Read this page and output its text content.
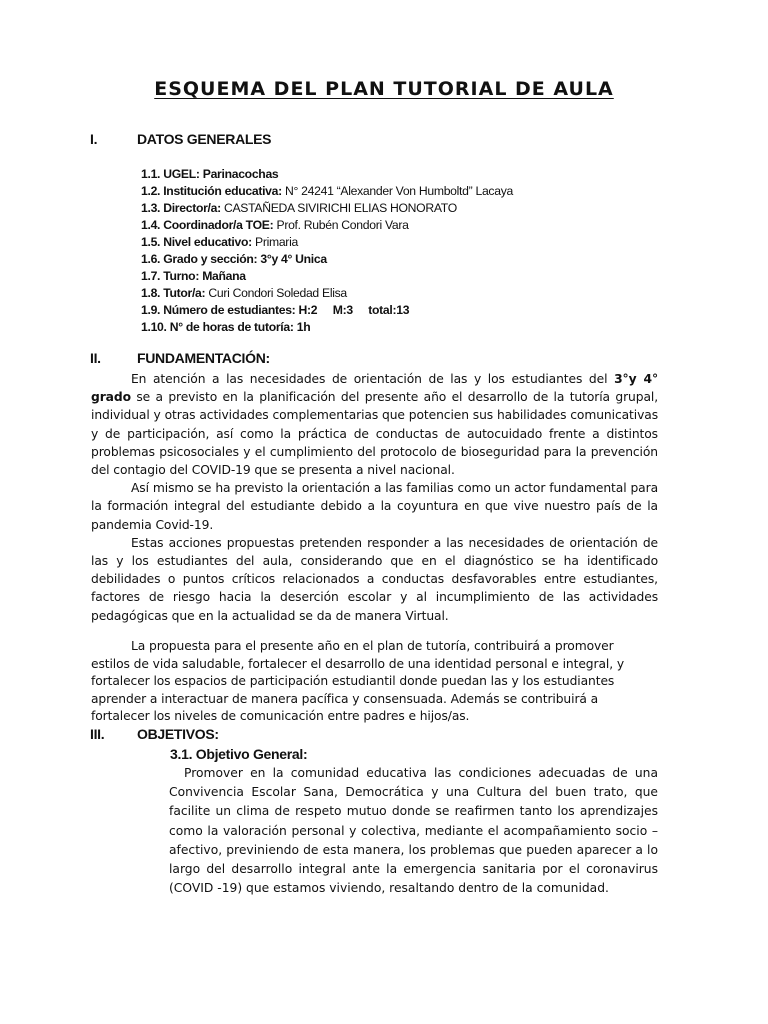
ESQUEMA DEL PLAN TUTORIAL DE AULA
I.	DATOS GENERALES
1.1. UGEL: Parinacochas
1.2. Institución educativa: N° 24241 “Alexander Von Humboltd” Lacaya
1.3. Director/a: CASTAÑEDA SIVIRICHI ELIAS HONORATO
1.4. Coordinador/a TOE: Prof. Rubén Condori Vara
1.5. Nivel educativo: Primaria
1.6. Grado y sección: 3°y 4° Unica
1.7. Turno: Mañana
1.8. Tutor/a: Curi Condori Soledad Elisa
1.9. Número de estudiantes: H:2     M:3     total:13
1.10. N° de horas de tutoría: 1h
II.	FUNDAMENTACIÓN:

En atención a las necesidades de orientación de las y los estudiantes del 3°y 4° grado se a previsto en la planificación del presente año el desarrollo de la tutoría grupal, individual y otras actividades complementarias que potencien sus habilidades comunicativas y de participación, así como la práctica de conductas de autocuidado frente a distintos problemas psicosociales y el cumplimiento del protocolo de bioseguridad para la prevención del contagio del COVID-19 que se presenta a nivel nacional.

Así mismo se ha previsto la orientación a las familias como un actor fundamental para la formación integral del estudiante debido a la coyuntura en que vive nuestro país de la pandemia Covid-19.

Estas acciones propuestas pretenden responder a las necesidades de orientación de las y los estudiantes del aula, considerando que en el diagnóstico se ha identificado debilidades o puntos críticos relacionados a conductas desfavorables entre estudiantes, factores de riesgo hacia la deserción escolar y al incumplimiento de las actividades pedagógicas que en la actualidad se da de manera Virtual.

La propuesta para el presente año en el plan de tutoría, contribuirá a promover
estilos de vida saludable, fortalecer el desarrollo de una identidad personal e integral, y
fortalecer los espacios de participación estudiantil donde puedan las y los estudiantes
aprender a interactuar de manera pacífica y consensuada. Además se contribuirá a
fortalecer los niveles de comunicación entre padres e hijos/as.
III. OBJETIVOS:
3.1. Objetivo General:
Promover en la comunidad educativa las condiciones adecuadas de una Convivencia Escolar Sana, Democrática y una Cultura del buen trato, que facilite un clima de respeto mutuo donde se reafirmen tanto los aprendizajes como la valoración personal y colectiva, mediante el acompañamiento socio – afectivo, previniendo de esta manera, los problemas que pueden aparecer a lo largo del desarrollo integral ante la emergencia sanitaria por el coronavirus (COVID -19) que estamos viviendo, resaltando dentro de la comunidad.
